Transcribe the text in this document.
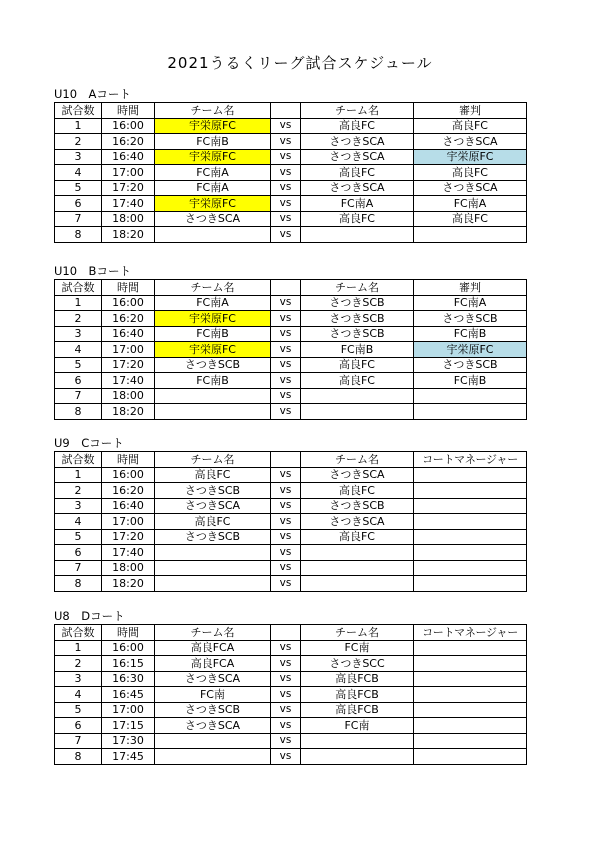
2021うるくリーグ試合スケジュール
U10　Aコート
試合数	時間	チーム名		チーム名	審判
1	16:00	宇栄原FC	vs	高良FC	高良FC
2	16:20	FC南B	vs	さつきSCA	さつきSCA
3	16:40	宇栄原FC	vs	さつきSCA	宇栄原FC
4	17:00	FC南A	vs	高良FC	高良FC
5	17:20	FC南A	vs	さつきSCA	さつきSCA
6	17:40	宇栄原FC	vs	FC南A	FC南A
7	18:00	さつきSCA	vs	高良FC	高良FC
8	18:20		vs		
U10　Bコート
試合数	時間	チーム名		チーム名	審判
1	16:00	FC南A	vs	さつきSCB	FC南A
2	16:20	宇栄原FC	vs	さつきSCB	さつきSCB
3	16:40	FC南B	vs	さつきSCB	FC南B
4	17:00	宇栄原FC	vs	FC南B	宇栄原FC
5	17:20	さつきSCB	vs	高良FC	さつきSCB
6	17:40	FC南B	vs	高良FC	FC南B
7	18:00		vs		
8	18:20		vs		
U9　Cコート
試合数	時間	チーム名		チーム名	コートマネージャー
1	16:00	高良FC	vs	さつきSCA	
2	16:20	さつきSCB	vs	高良FC	
3	16:40	さつきSCA	vs	さつきSCB	
4	17:00	高良FC	vs	さつきSCA	
5	17:20	さつきSCB	vs	高良FC	
6	17:40		vs		
7	18:00		vs		
8	18:20		vs		
U8　Dコート
試合数	時間	チーム名		チーム名	コートマネージャー
1	16:00	高良FCA	vs	FC南	
2	16:15	高良FCA	vs	さつきSCC	
3	16:30	さつきSCA	vs	高良FCB	
4	16:45	FC南	vs	高良FCB	
5	17:00	さつきSCB	vs	高良FCB	
6	17:15	さつきSCA	vs	FC南	
7	17:30		vs		
8	17:45		vs		
